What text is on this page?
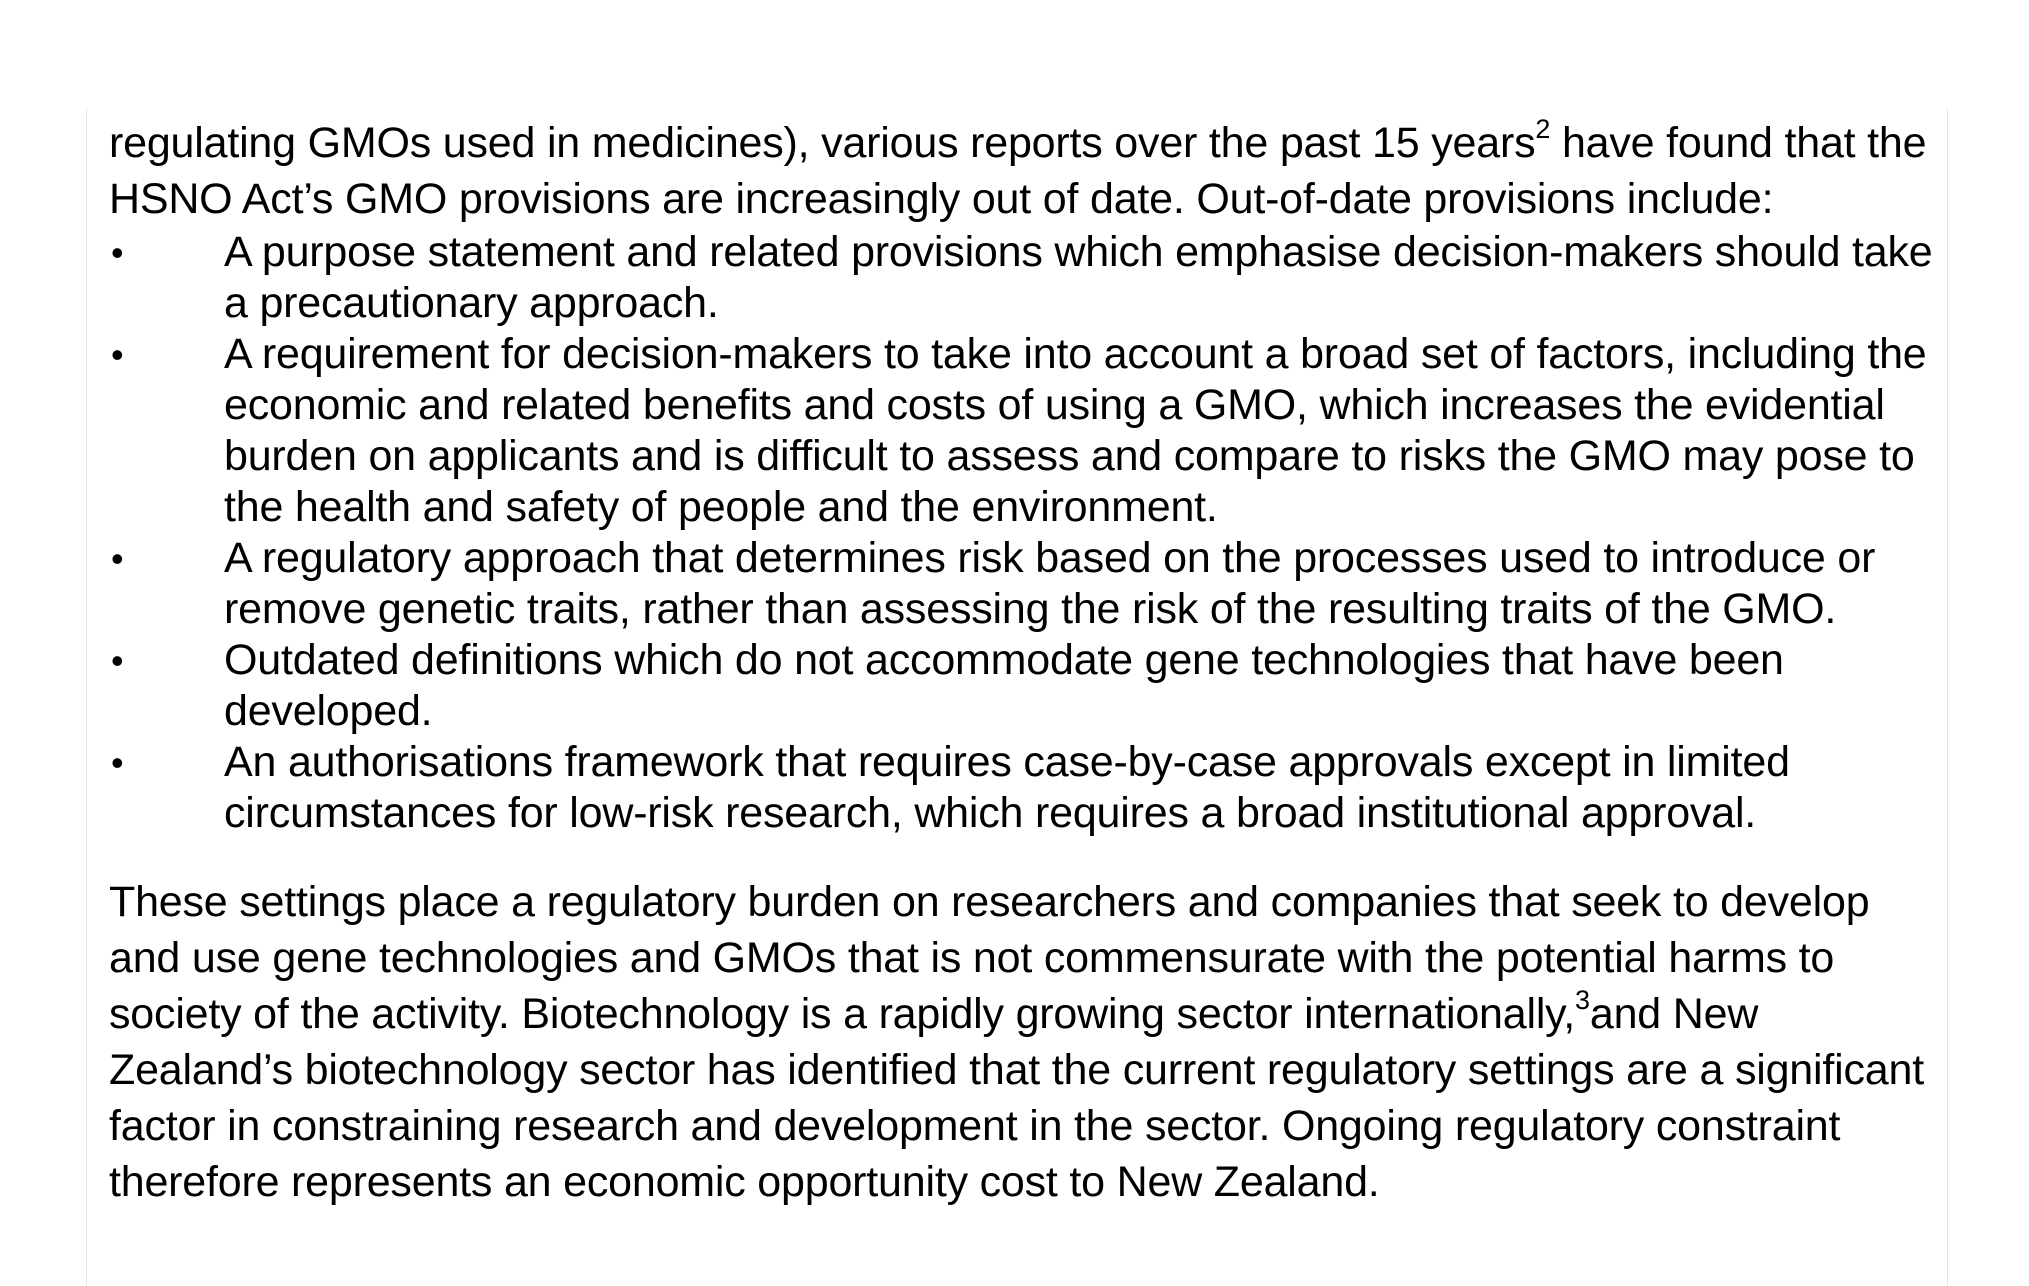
regulating GMOs used in medicines), various reports over the past 15 years$^2$ have found that the HSNO Act’s GMO provisions are increasingly out of date. Out-of-date provisions include:

•	A purpose statement and related provisions which emphasise decision-makers should take a precautionary approach.
•	A requirement for decision-makers to take into account a broad set of factors, including the economic and related benefits and costs of using a GMO, which increases the evidential burden on applicants and is difficult to assess and compare to risks the GMO may pose to the health and safety of people and the environment.
•	A regulatory approach that determines risk based on the processes used to introduce or remove genetic traits, rather than assessing the risk of the resulting traits of the GMO.
•	Outdated definitions which do not accommodate gene technologies that have been developed.
•	An authorisations framework that requires case-by-case approvals except in limited circumstances for low-risk research, which requires a broad institutional approval.

These settings place a regulatory burden on researchers and companies that seek to develop and use gene technologies and GMOs that is not commensurate with the potential harms to society of the activity. Biotechnology is a rapidly growing sector internationally,$^3$and New Zealand’s biotechnology sector has identified that the current regulatory settings are a significant factor in constraining research and development in the sector. Ongoing regulatory constraint therefore represents an economic opportunity cost to New Zealand.
